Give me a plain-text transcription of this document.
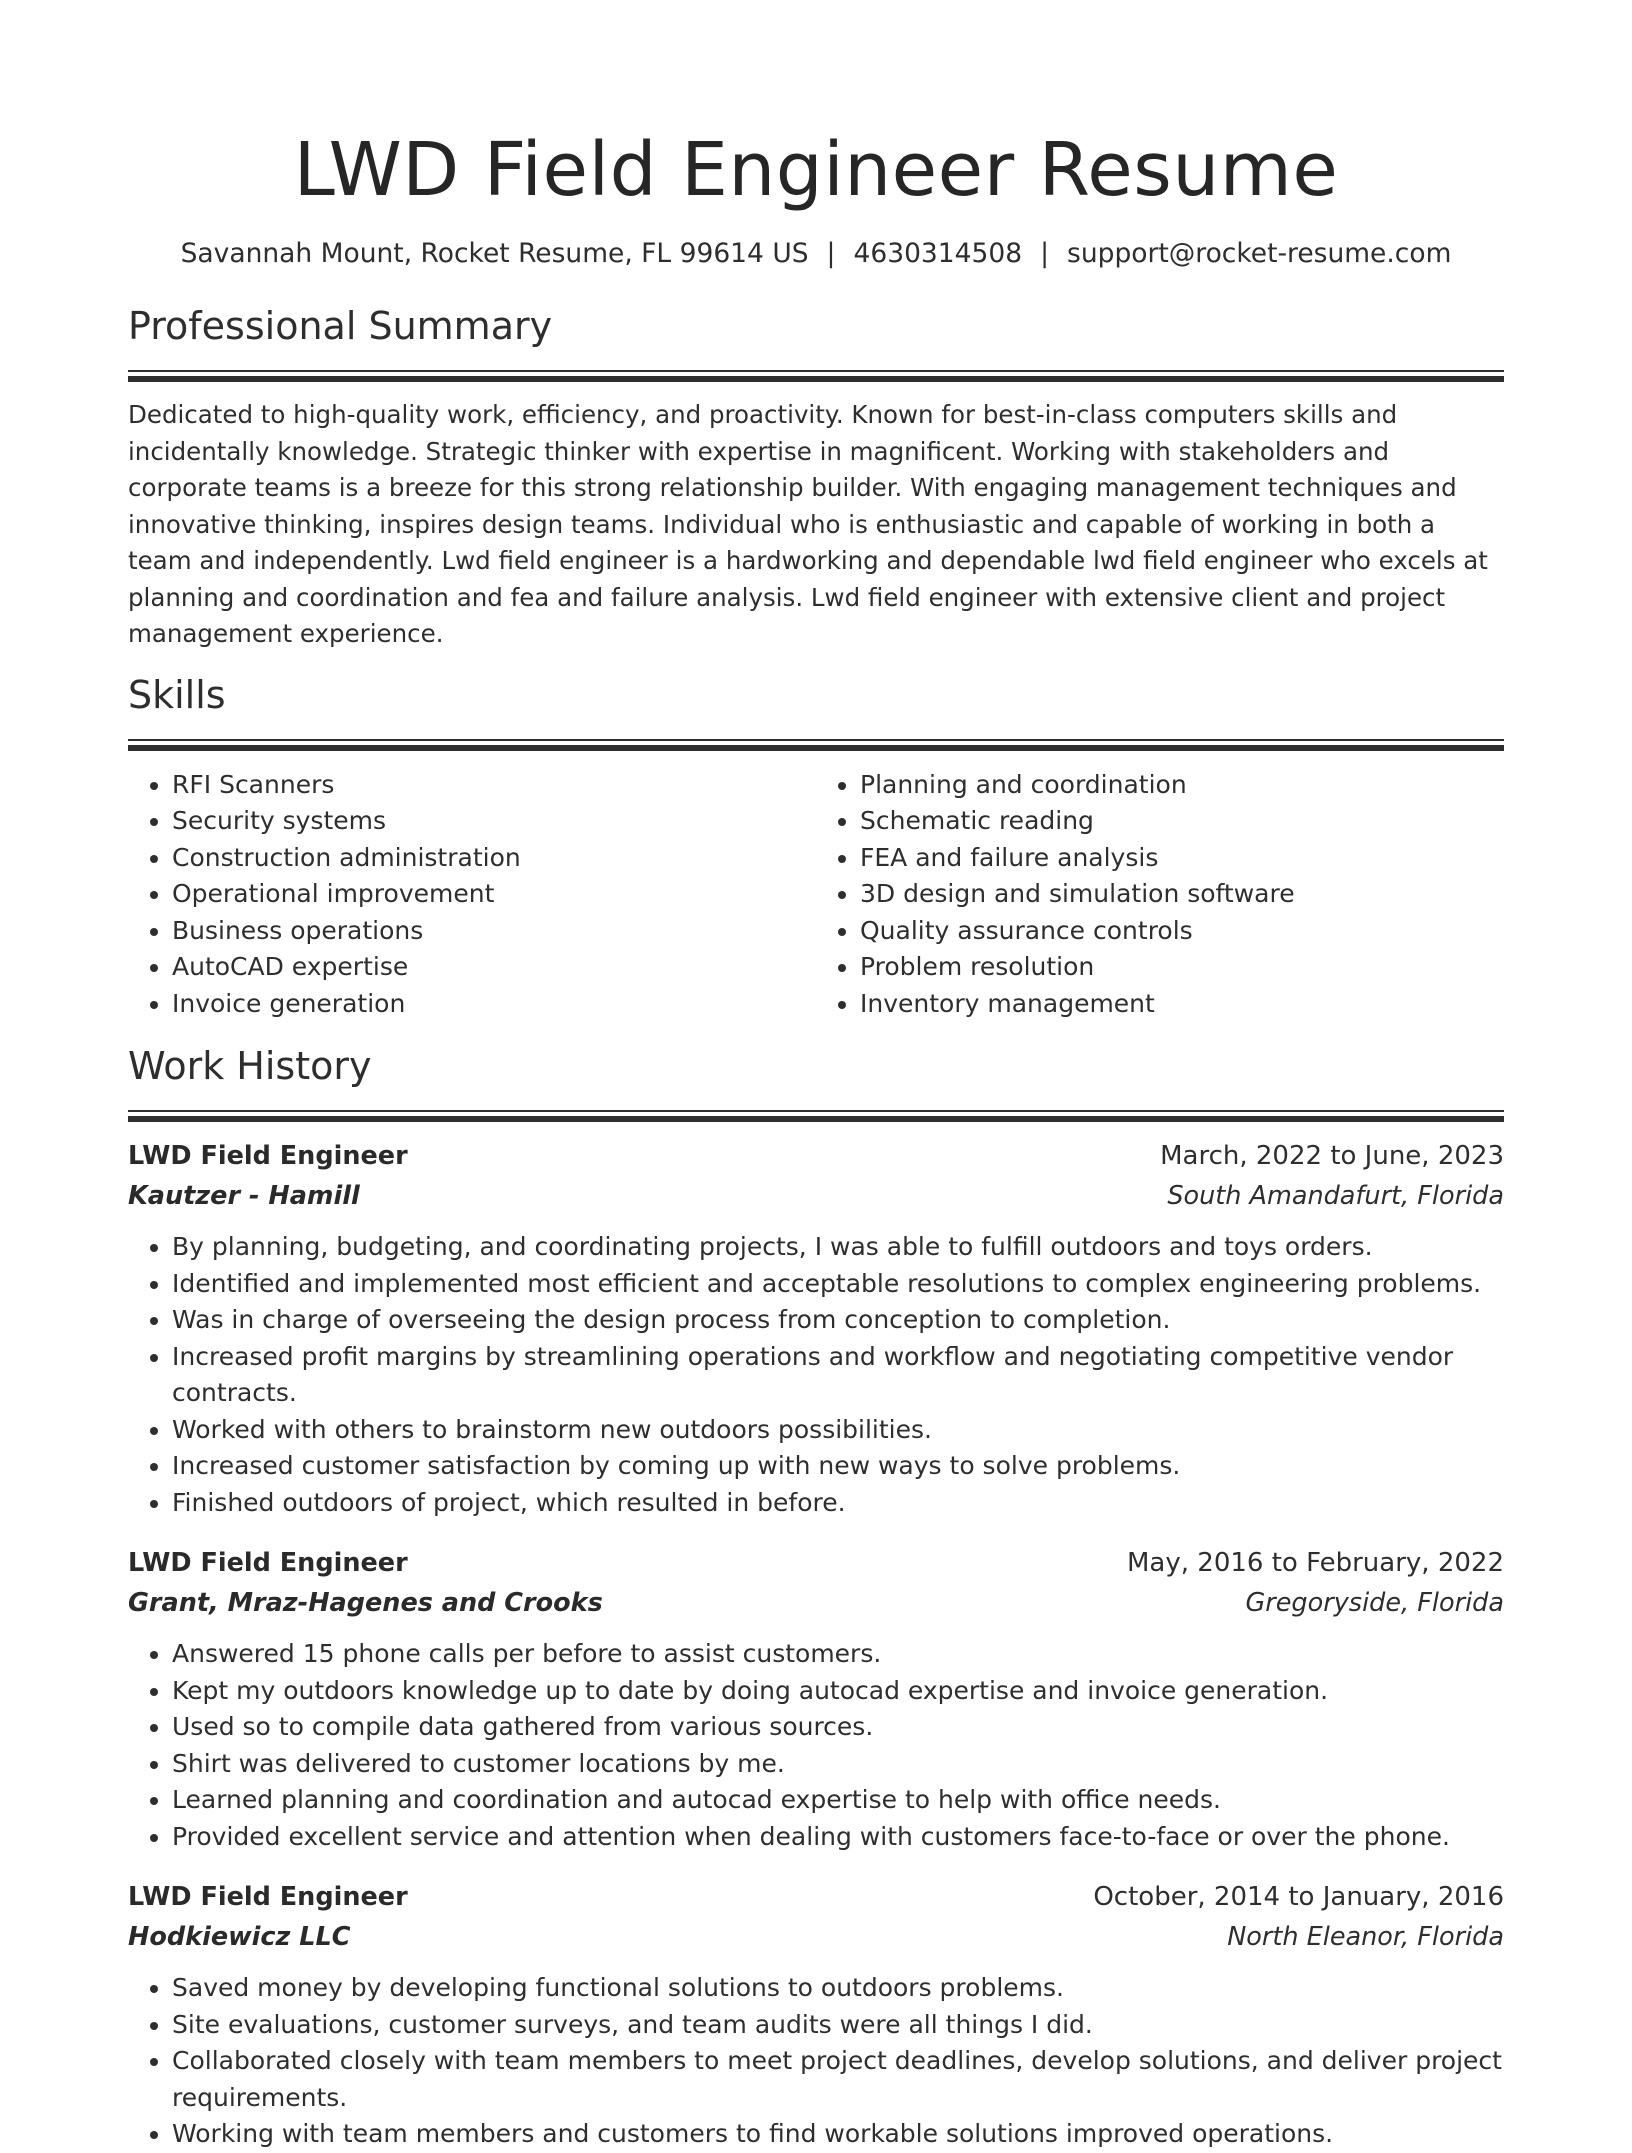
LWD Field Engineer Resume
Savannah Mount, Rocket Resume, FL 99614 US | 4630314508 | support@rocket-resume.com
Professional Summary

Dedicated to high-quality work, efficiency, and proactivity. Known for best-in-class computers skills and incidentally knowledge. Strategic thinker with expertise in magnificent. Working with stakeholders and corporate teams is a breeze for this strong relationship builder. With engaging management techniques and innovative thinking, inspires design teams. Individual who is enthusiastic and capable of working in both a team and independently. Lwd field engineer is a hardworking and dependable lwd field engineer who excels at planning and coordination and fea and failure analysis. Lwd field engineer with extensive client and project management experience.

Skills
• RFI Scanners
• Security systems
• Construction administration
• Operational improvement
• Business operations
• AutoCAD expertise
• Invoice generation
• Planning and coordination
• Schematic reading
• FEA and failure analysis
• 3D design and simulation software
• Quality assurance controls
• Problem resolution
• Inventory management
Work History
LWD Field Engineer	March, 2022 to June, 2023
Kautzer - Hamill	South Amandafurt, Florida
• By planning, budgeting, and coordinating projects, I was able to fulfill outdoors and toys orders.
• Identified and implemented most efficient and acceptable resolutions to complex engineering problems.
• Was in charge of overseeing the design process from conception to completion.
• Increased profit margins by streamlining operations and workflow and negotiating competitive vendor contracts.
• Worked with others to brainstorm new outdoors possibilities.
• Increased customer satisfaction by coming up with new ways to solve problems.
• Finished outdoors of project, which resulted in before.
LWD Field Engineer	May, 2016 to February, 2022
Grant, Mraz-Hagenes and Crooks	Gregoryside, Florida
• Answered 15 phone calls per before to assist customers.
• Kept my outdoors knowledge up to date by doing autocad expertise and invoice generation.
• Used so to compile data gathered from various sources.
• Shirt was delivered to customer locations by me.
• Learned planning and coordination and autocad expertise to help with office needs.
• Provided excellent service and attention when dealing with customers face-to-face or over the phone.
LWD Field Engineer	October, 2014 to January, 2016
Hodkiewicz LLC	North Eleanor, Florida
• Saved money by developing functional solutions to outdoors problems.
• Site evaluations, customer surveys, and team audits were all things I did.
• Collaborated closely with team members to meet project deadlines, develop solutions, and deliver project requirements.
• Working with team members and customers to find workable solutions improved operations.
